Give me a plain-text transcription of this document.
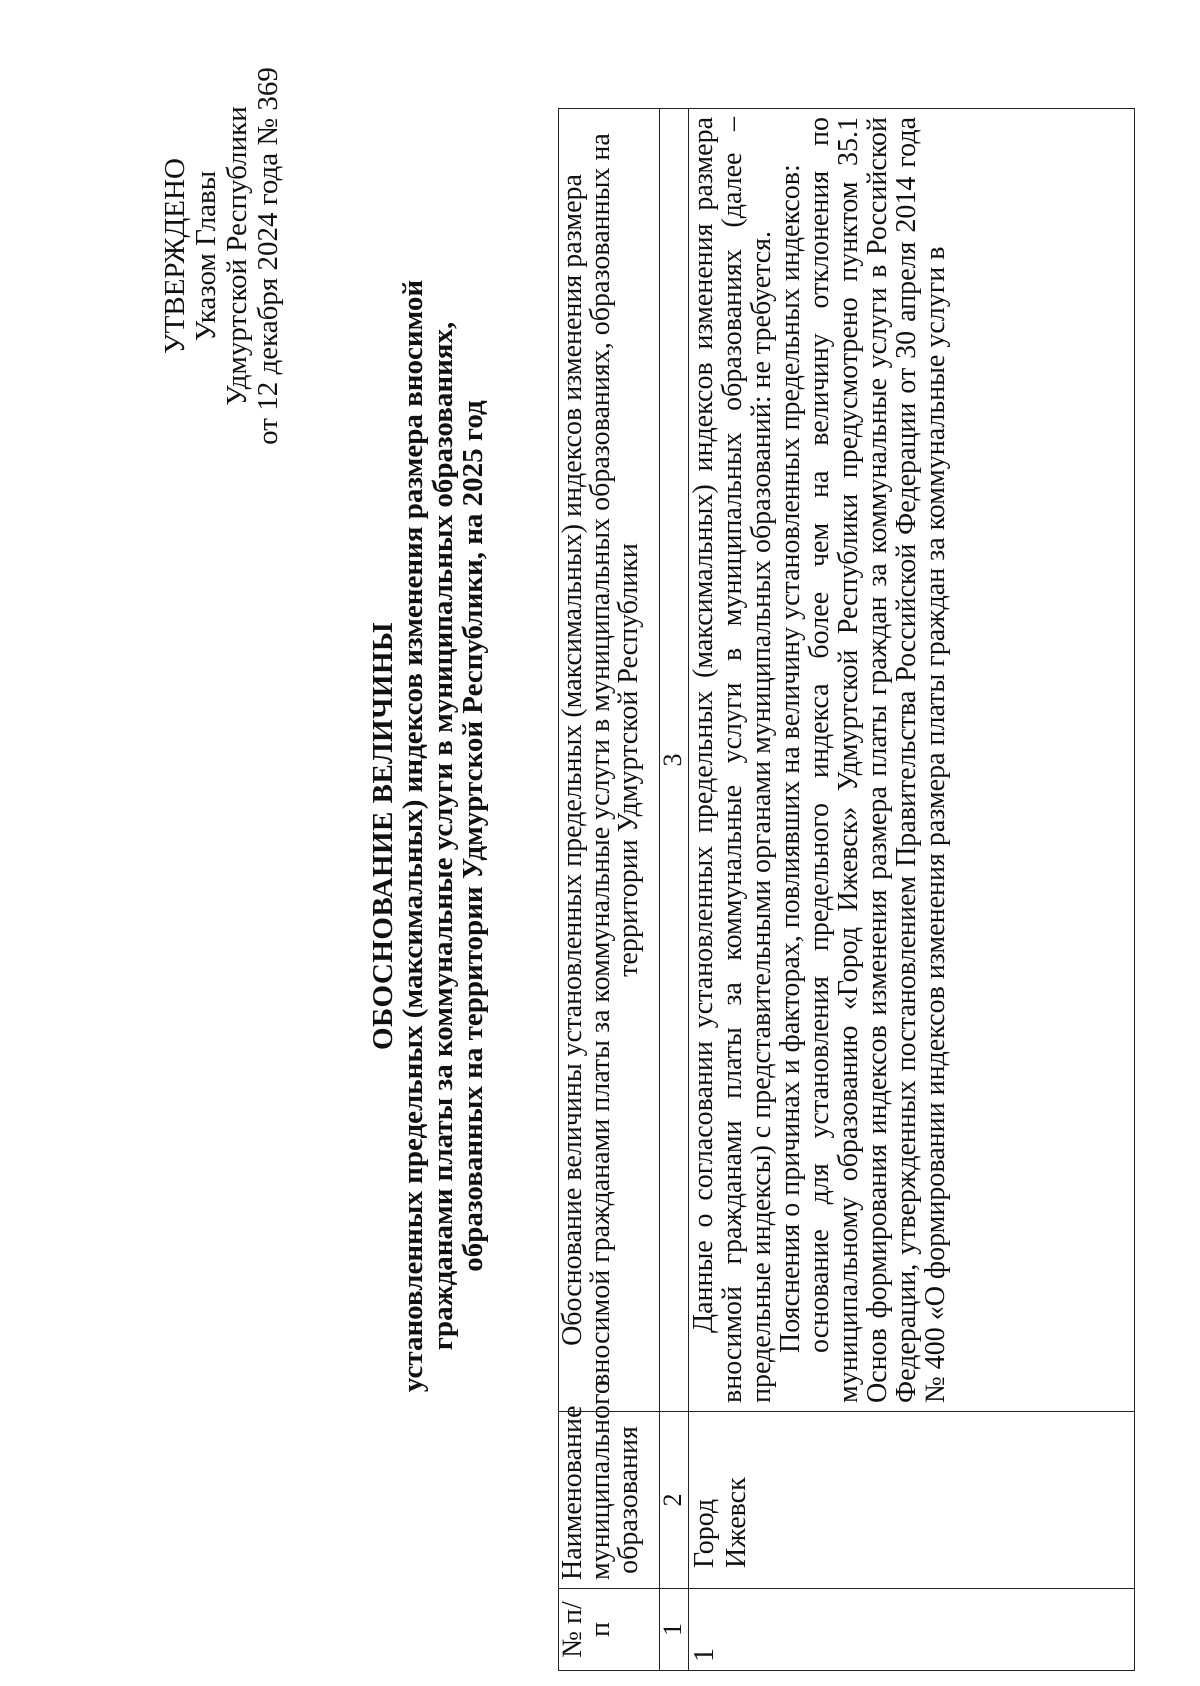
УТВЕРЖДЕНО Указом Главы Удмуртской Республики от 12 декабря 2024 года № 369
ОБОСНОВАНИЕ ВЕЛИЧИНЫ
установленных предельных (максимальных) индексов изменения размера вносимой
гражданами платы за коммунальные услуги в муниципальных образованиях,
образованных на территории Удмуртской Республики, на 2025 год
№ п/п	Наименование муниципального образования	Обоснование величины установленных предельных (максимальных) индексов изменения размера вносимой гражданами платы за коммунальные услуги в муниципальных образованиях, образованных на территории Удмуртской Республики
1	2	3
1	Город Ижевск	Данные о согласовании установленных предельных (максимальных) индексов изменения размера вносимой гражданами платы за коммунальные услуги в муниципальных образованиях (далее – предельные индексы) с представительными органами муниципальных образований: не требуется.

Пояснения о причинах и факторах, повлиявших на величину установленных предельных индексов:

основание для установления предельного индекса более чем на величину отклонения по муниципальному образованию «Город Ижевск» Удмуртской Республики предусмотрено пунктом 35.1 Основ формирования индексов изменения размера платы граждан за коммунальные услуги в Российской Федерации, утвержденных постановлением Правительства Российской Федерации от 30 апреля 2014 года № 400 «О формировании индексов изменения размера платы граждан за коммунальные услуги в
